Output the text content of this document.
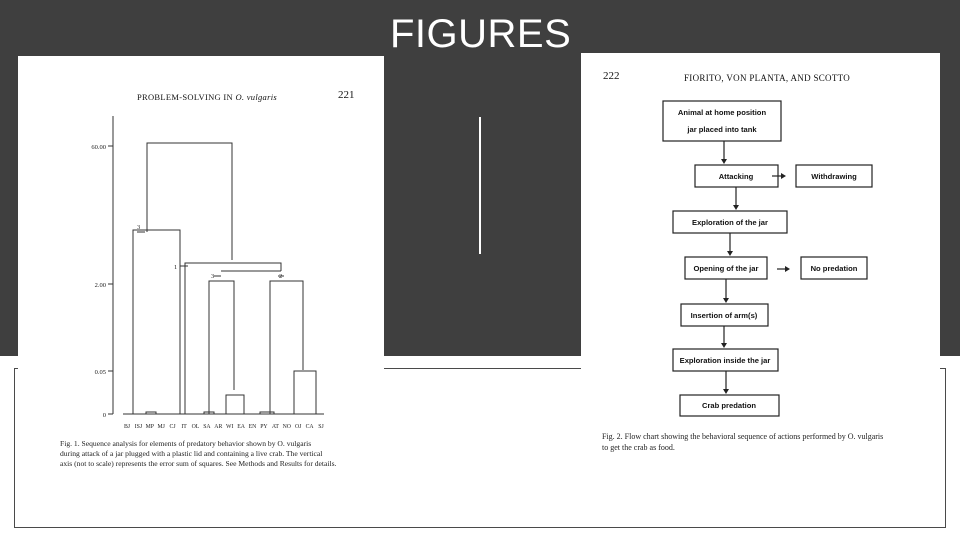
FIGURES
PROBLEM-SOLVING IN O. vulgaris	221
60.00
2.00
0.05
0
3
1
3	2
BJ ISJ MP MJ CJ IT OL SA AR WI EA EN PY AT NO OJ CA SJ
Fig. 1. Sequence analysis for elements of predatory behavior shown by O. vulgaris
during attack of a jar plugged with a plastic lid and containing a live crab. The vertical
axis (not to scale) represents the error sum of squares. See Methods and Results for details.
222	FIORITO, VON PLANTA, AND SCOTTO
Animal at home position
jar placed into tank
Attacking	Withdrawing
Exploration of the jar
Opening of the jar	No predation
Insertion of arm(s)
Exploration inside the jar
Crab predation
Fig. 2. Flow chart showing the behavioral sequence of actions performed by O. vulgaris
to get the crab as food.
